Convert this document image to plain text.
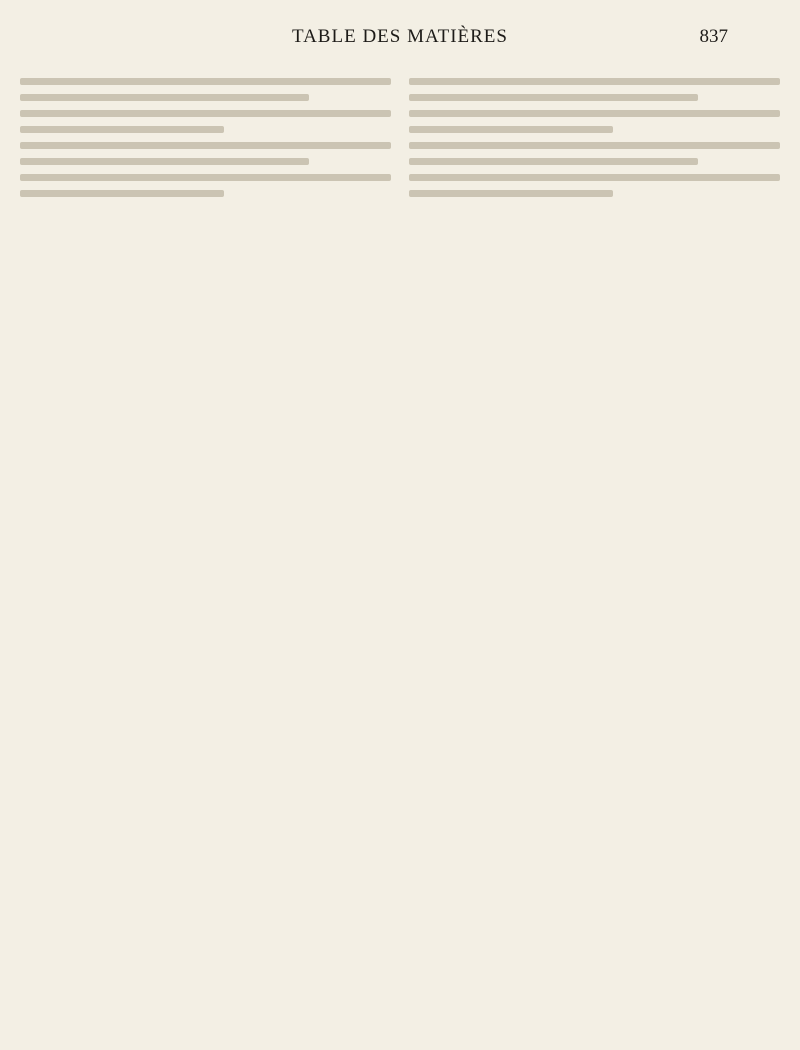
TABLE DES MATIÈRES	837
